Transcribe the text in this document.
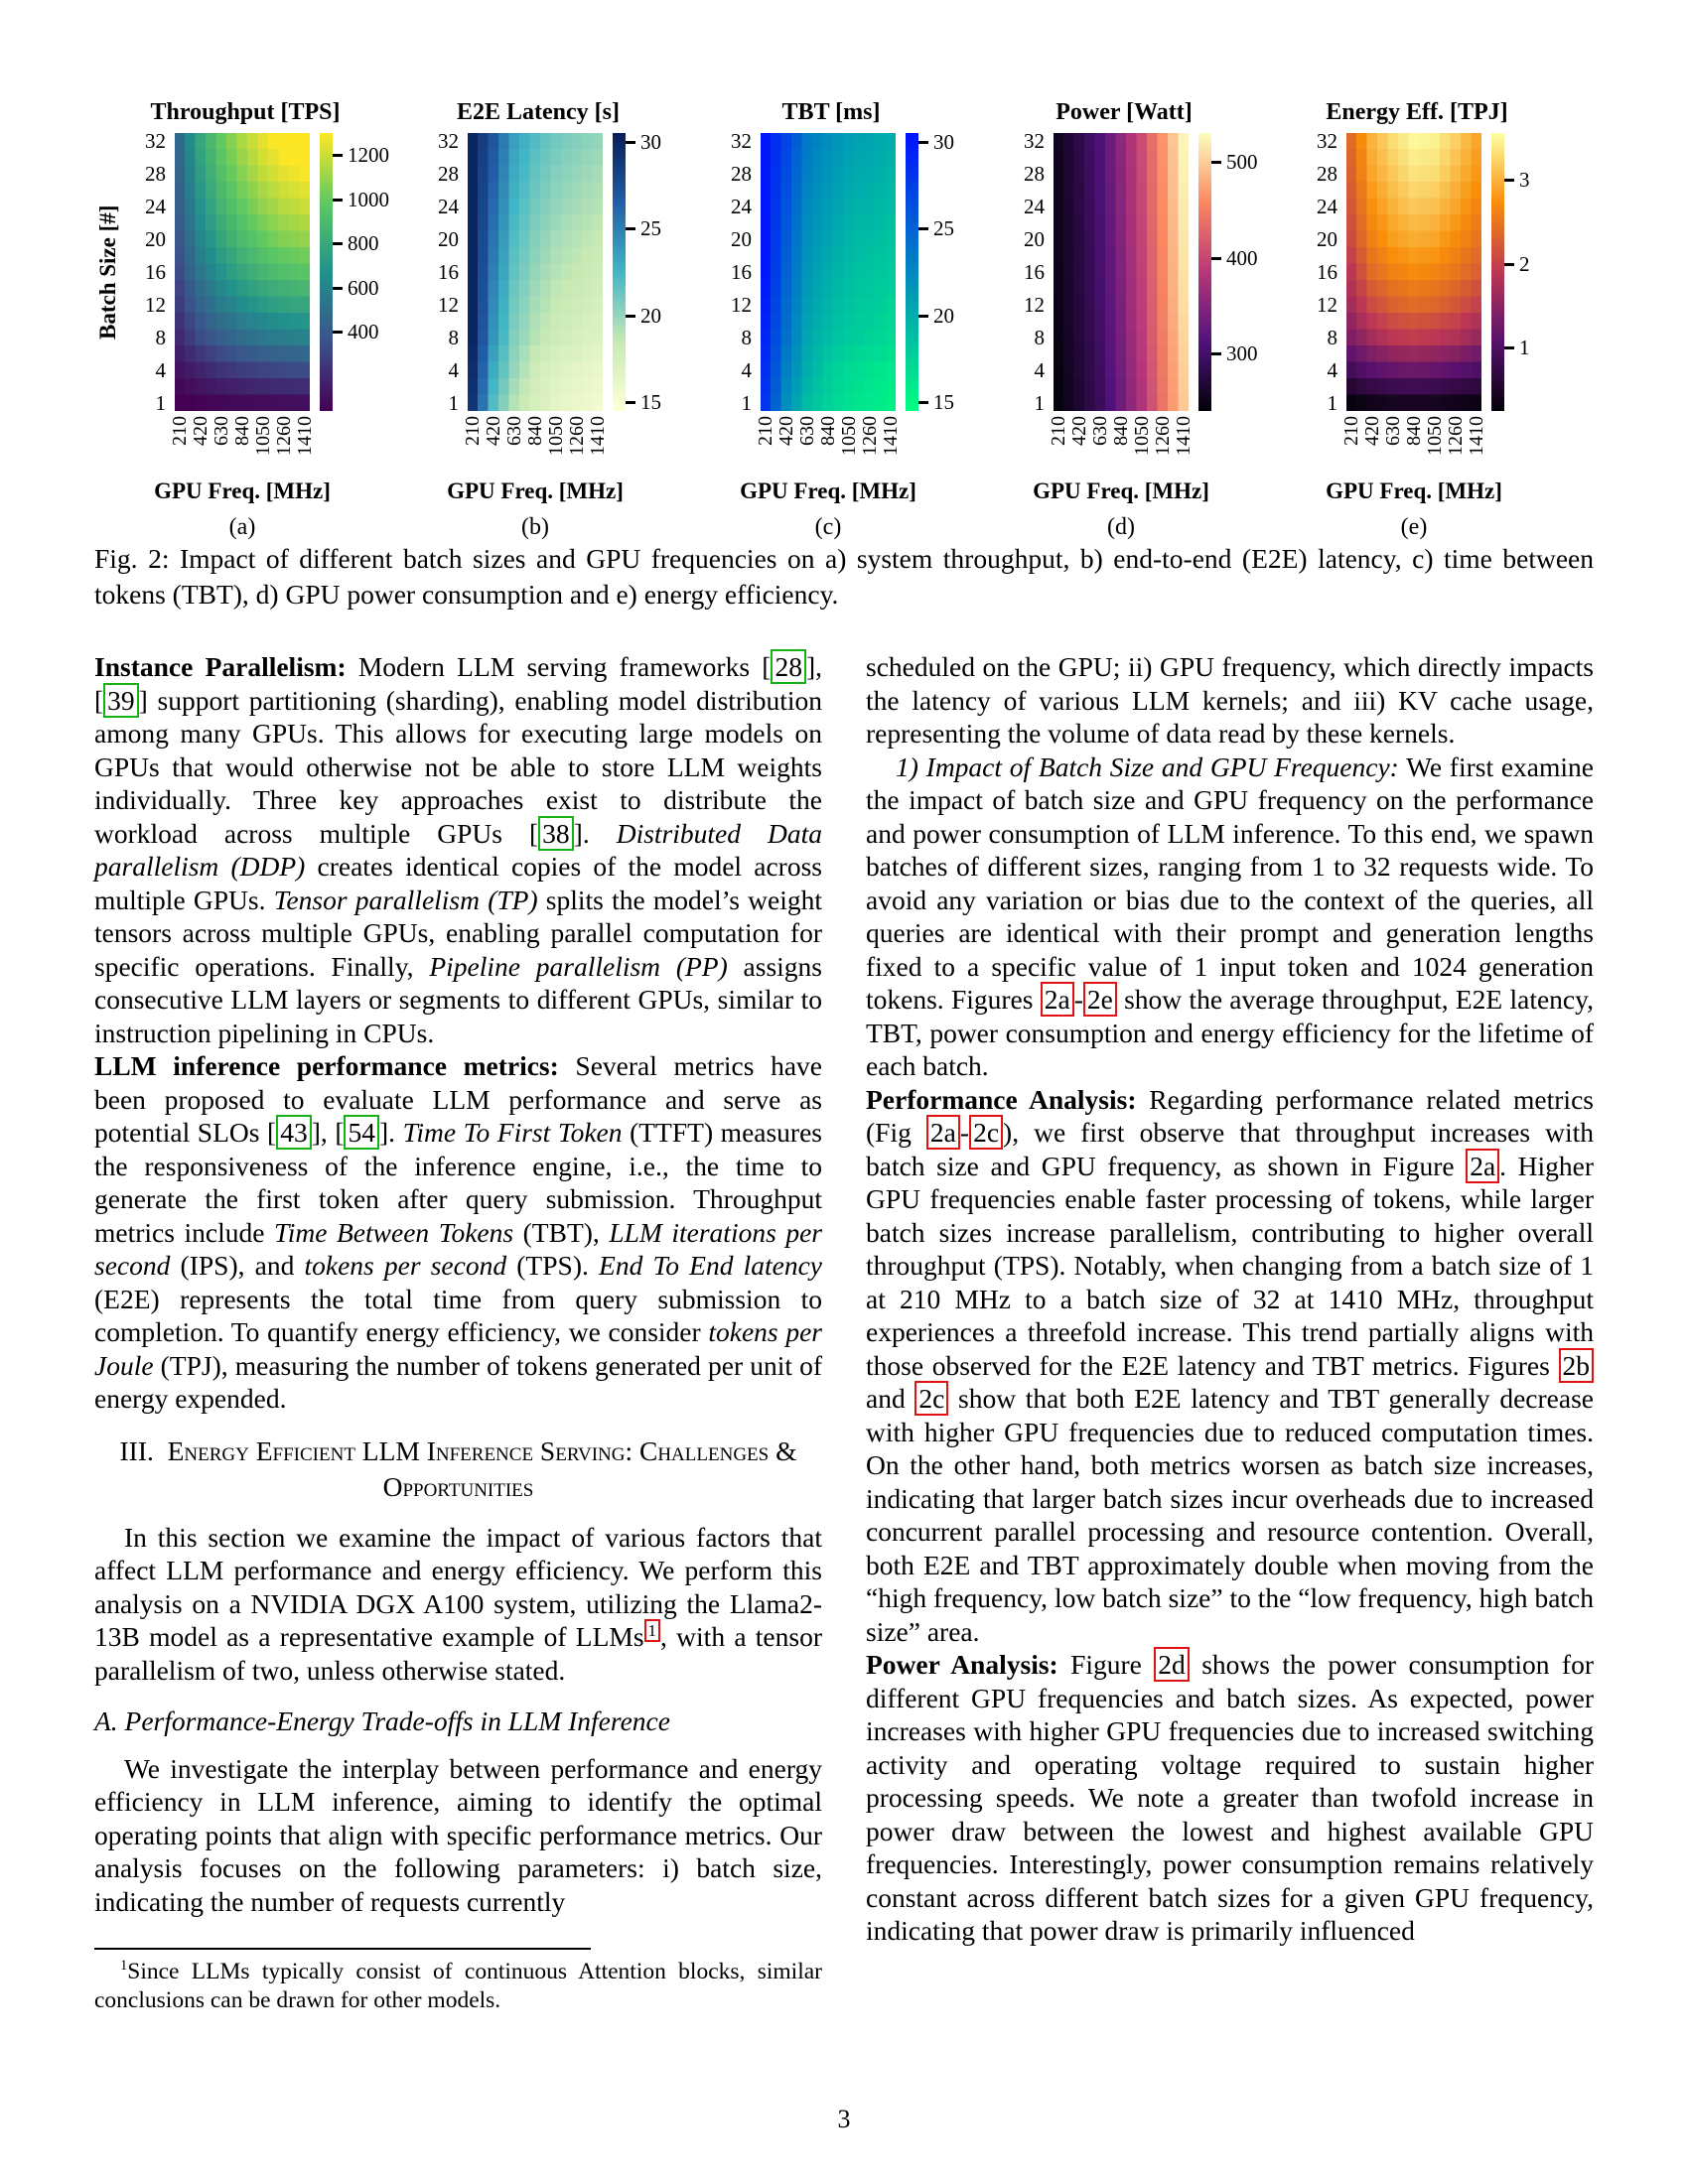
Batch Size [#]
Throughput [TPS]
32
28
24
20
16
12
8
4
1
1200
1000
800
600
400
210
420
630
840
1050
1260
1410
GPU Freq. [MHz]
(a)
E2E Latency [s]
32
28
24
20
16
12
8
4
1
30
25
20
15
210
420
630
840
1050
1260
1410
GPU Freq. [MHz]
(b)
TBT [ms]
32
28
24
20
16
12
8
4
1
30
25
20
15
210
420
630
840
1050
1260
1410
GPU Freq. [MHz]
(c)
Power [Watt]
32
28
24
20
16
12
8
4
1
500
400
300
210
420
630
840
1050
1260
1410
GPU Freq. [MHz]
(d)
Energy Eff. [TPJ]
32
28
24
20
16
12
8
4
1
3
2
1
210
420
630
840
1050
1260
1410
GPU Freq. [MHz]
(e)

Fig. 2: Impact of different batch sizes and GPU frequencies on a) system throughput, b) end-to-end (E2E) latency, c) time between tokens (TBT), d) GPU power consumption and e) energy efficiency.

Instance Parallelism: Modern LLM serving frameworks [ 28 ], [ 39 ] support partitioning (sharding), enabling model distribution among many GPUs. This allows for executing large models on GPUs that would otherwise not be able to store LLM weights individually. Three key approaches exist to distribute the workload across multiple GPUs [ 38 ]. Distributed Data parallelism (DDP) creates identical copies of the model across multiple GPUs. Tensor parallelism (TP) splits the model’s weight tensors across multiple GPUs, enabling parallel computation for specific operations. Finally, Pipeline parallelism (PP) assigns consecutive LLM layers or segments to different GPUs, similar to instruction pipelining in CPUs.

LLM inference performance metrics: Several metrics have been proposed to evaluate LLM performance and serve as potential SLOs [ 43 ], [ 54 ]. Time To First Token (TTFT) measures the responsiveness of the inference engine, i.e., the time to generate the first token after query submission. Throughput metrics include Time Between Tokens (TBT), LLM iterations per second (IPS), and tokens per second (TPS). End To End latency (E2E) represents the total time from query submission to completion. To quantify energy efficiency, we consider tokens per Joule (TPJ), measuring the number of tokens generated per unit of energy expended.

III. Energy Efficient LLM Inference Serving: Challenges & Opportunities

In this section we examine the impact of various factors that affect LLM performance and energy efficiency. We perform this analysis on a NVIDIA DGX A100 system, utilizing the Llama2-13B model as a representative example of LLMs $^1$ , with a tensor parallelism of two, unless otherwise stated.

A. Performance-Energy Trade-offs in LLM Inference

We investigate the interplay between performance and energy efficiency in LLM inference, aiming to identify the optimal operating points that align with specific performance metrics. Our analysis focuses on the following parameters: i) batch size, indicating the number of requests currently

$^1$Since LLMs typically consist of continuous Attention blocks, similar conclusions can be drawn for other models.

scheduled on the GPU; ii) GPU frequency, which directly impacts the latency of various LLM kernels; and iii) KV cache usage, representing the volume of data read by these kernels.

1) Impact of Batch Size and GPU Frequency: We first examine the impact of batch size and GPU frequency on the performance and power consumption of LLM inference. To this end, we spawn batches of different sizes, ranging from 1 to 32 requests wide. To avoid any variation or bias due to the context of the queries, all queries are identical with their prompt and generation lengths fixed to a specific value of 1 input token and 1024 generation tokens. Figures 2a - 2e show the average throughput, E2E latency, TBT, power consumption and energy efficiency for the lifetime of each batch.

Performance Analysis: Regarding performance related metrics (Fig 2a - 2c ), we first observe that throughput increases with batch size and GPU frequency, as shown in Figure 2a . Higher GPU frequencies enable faster processing of tokens, while larger batch sizes increase parallelism, contributing to higher overall throughput (TPS). Notably, when changing from a batch size of 1 at 210 MHz to a batch size of 32 at 1410 MHz, throughput experiences a threefold increase. This trend partially aligns with those observed for the E2E latency and TBT metrics. Figures 2b and 2c show that both E2E latency and TBT generally decrease with higher GPU frequencies due to reduced computation times. On the other hand, both metrics worsen as batch size increases, indicating that larger batch sizes incur overheads due to increased concurrent parallel processing and resource contention. Overall, both E2E and TBT approximately double when moving from the “high frequency, low batch size” to the “low frequency, high batch size” area.

Power Analysis: Figure 2d shows the power consumption for different GPU frequencies and batch sizes. As expected, power increases with higher GPU frequencies due to increased switching activity and operating voltage required to sustain higher processing speeds. We note a greater than twofold increase in power draw between the lowest and highest available GPU frequencies. Interestingly, power consumption remains relatively constant across different batch sizes for a given GPU frequency, indicating that power draw is primarily influenced

3
